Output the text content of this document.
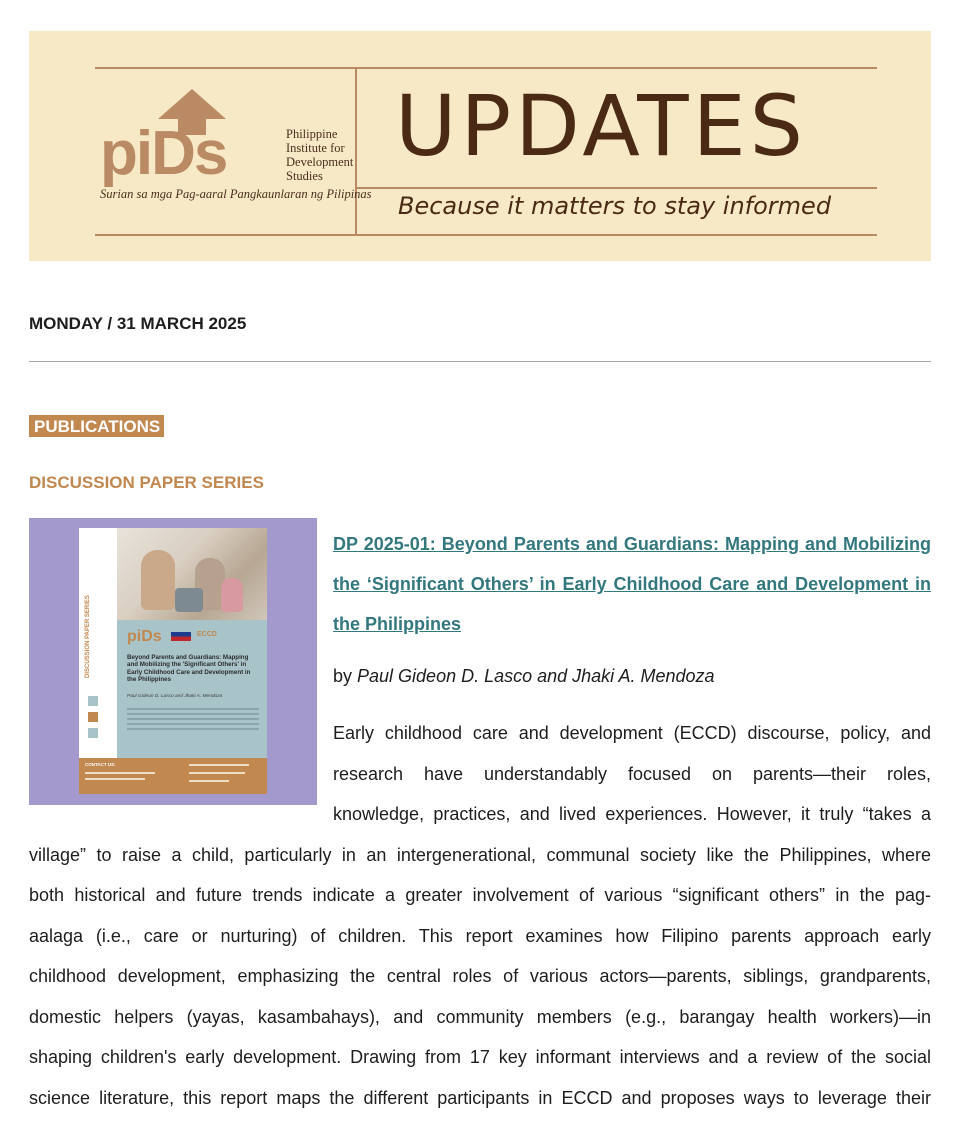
piDs	Philippine
Institute for
Development
Studies
Surian sa mga Pag-aaral Pangkaunlaran ng Pilipinas
UPDATES
Because it matters to stay informed
MONDAY / 31 MARCH 2025
PUBLICATIONS
DISCUSSION PAPER SERIES
DISCUSSION PAPER SERIES piDs	ECCD
Beyond Parents and Guardians: Mapping and Mobilizing the 'Significant Others' in Early Childhood Care and Development in the Philippines
Paul Gideon D. Lasco and Jhaki A. Mendoza
CONTACT US:
DP 2025-01: Beyond Parents and Guardians: Mapping and Mobilizing the ‘Significant Others’ in Early Childhood Care and Development in the Philippines
by Paul Gideon D. Lasco and Jhaki A. Mendoza
Early childhood care and development (ECCD) discourse, policy, and
research have understandably focused on parents—their roles,
knowledge, practices, and lived experiences. However, it truly “takes a
village” to raise a child, particularly in an intergenerational, communal society like the Philippines, where
both historical and future trends indicate a greater involvement of various “significant others” in the pag-
aalaga (i.e., care or nurturing) of children. This report examines how Filipino parents approach early
childhood development, emphasizing the central roles of various actors—parents, siblings, grandparents,
domestic helpers (yayas, kasambahays), and community members (e.g., barangay health workers)—in
shaping children's early development. Drawing from 17 key informant interviews and a review of the social
science literature, this report maps the different participants in ECCD and proposes ways to leverage their
